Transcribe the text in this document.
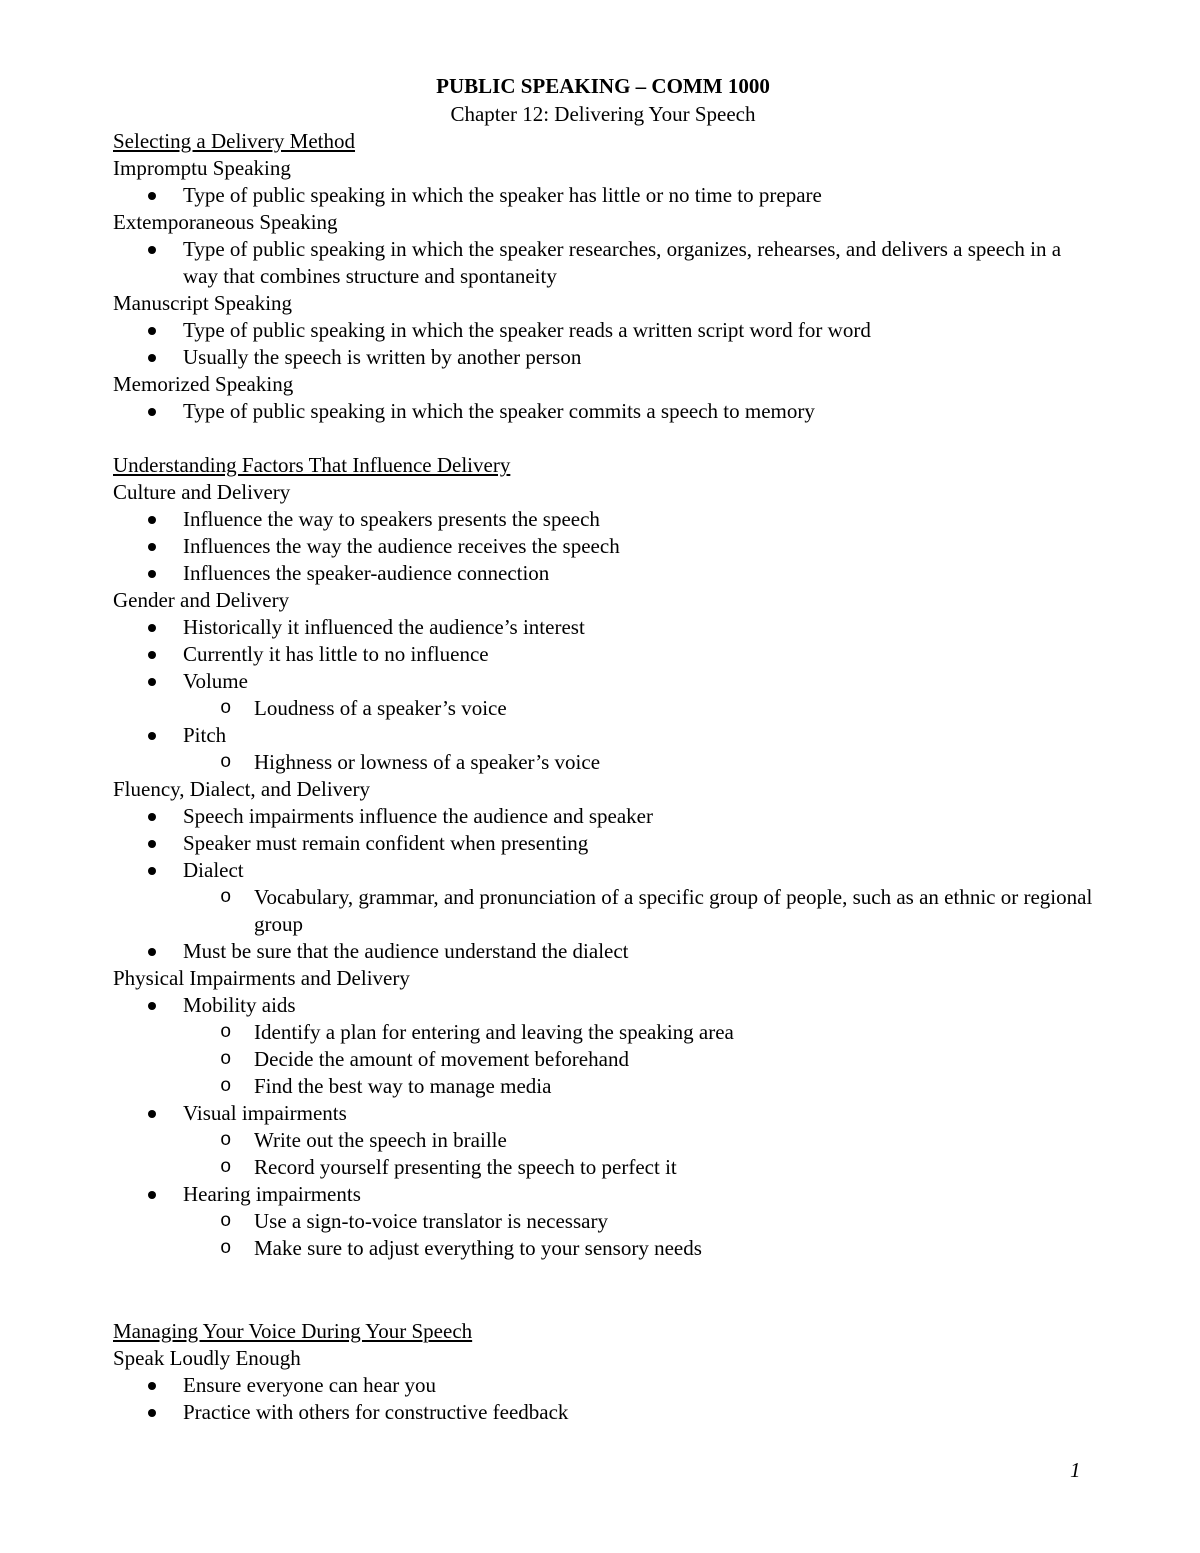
PUBLIC SPEAKING – COMM 1000

Chapter 12: Delivering Your Speech

Selecting a Delivery Method

Impromptu Speaking

Type of public speaking in which the speaker has little or no time to prepare

Extemporaneous Speaking

Type of public speaking in which the speaker researches, organizes, rehearses, and delivers a speech in a way that combines structure and spontaneity

Manuscript Speaking

Type of public speaking in which the speaker reads a written script word for word
Usually the speech is written by another person

Memorized Speaking

Type of public speaking in which the speaker commits a speech to memory

Understanding Factors That Influence Delivery

Culture and Delivery

Influence the way to speakers presents the speech
Influences the way the audience receives the speech
Influences the speaker-audience connection

Gender and Delivery

Historically it influenced the audience’s interest
Currently it has little to no influence
Volume
o Loudness of a speaker’s voice
Pitch
o Highness or lowness of a speaker’s voice

Fluency, Dialect, and Delivery

Speech impairments influence the audience and speaker
Speaker must remain confident when presenting
Dialect
o Vocabulary, grammar, and pronunciation of a specific group of people, such as an ethnic or regional group
Must be sure that the audience understand the dialect

Physical Impairments and Delivery

Mobility aids
o Identify a plan for entering and leaving the speaking area
o Decide the amount of movement beforehand
o Find the best way to manage media
Visual impairments
o Write out the speech in braille
o Record yourself presenting the speech to perfect it
Hearing impairments
o Use a sign-to-voice translator is necessary
o Make sure to adjust everything to your sensory needs

Managing Your Voice During Your Speech

Speak Loudly Enough

Ensure everyone can hear you
Practice with others for constructive feedback
1
